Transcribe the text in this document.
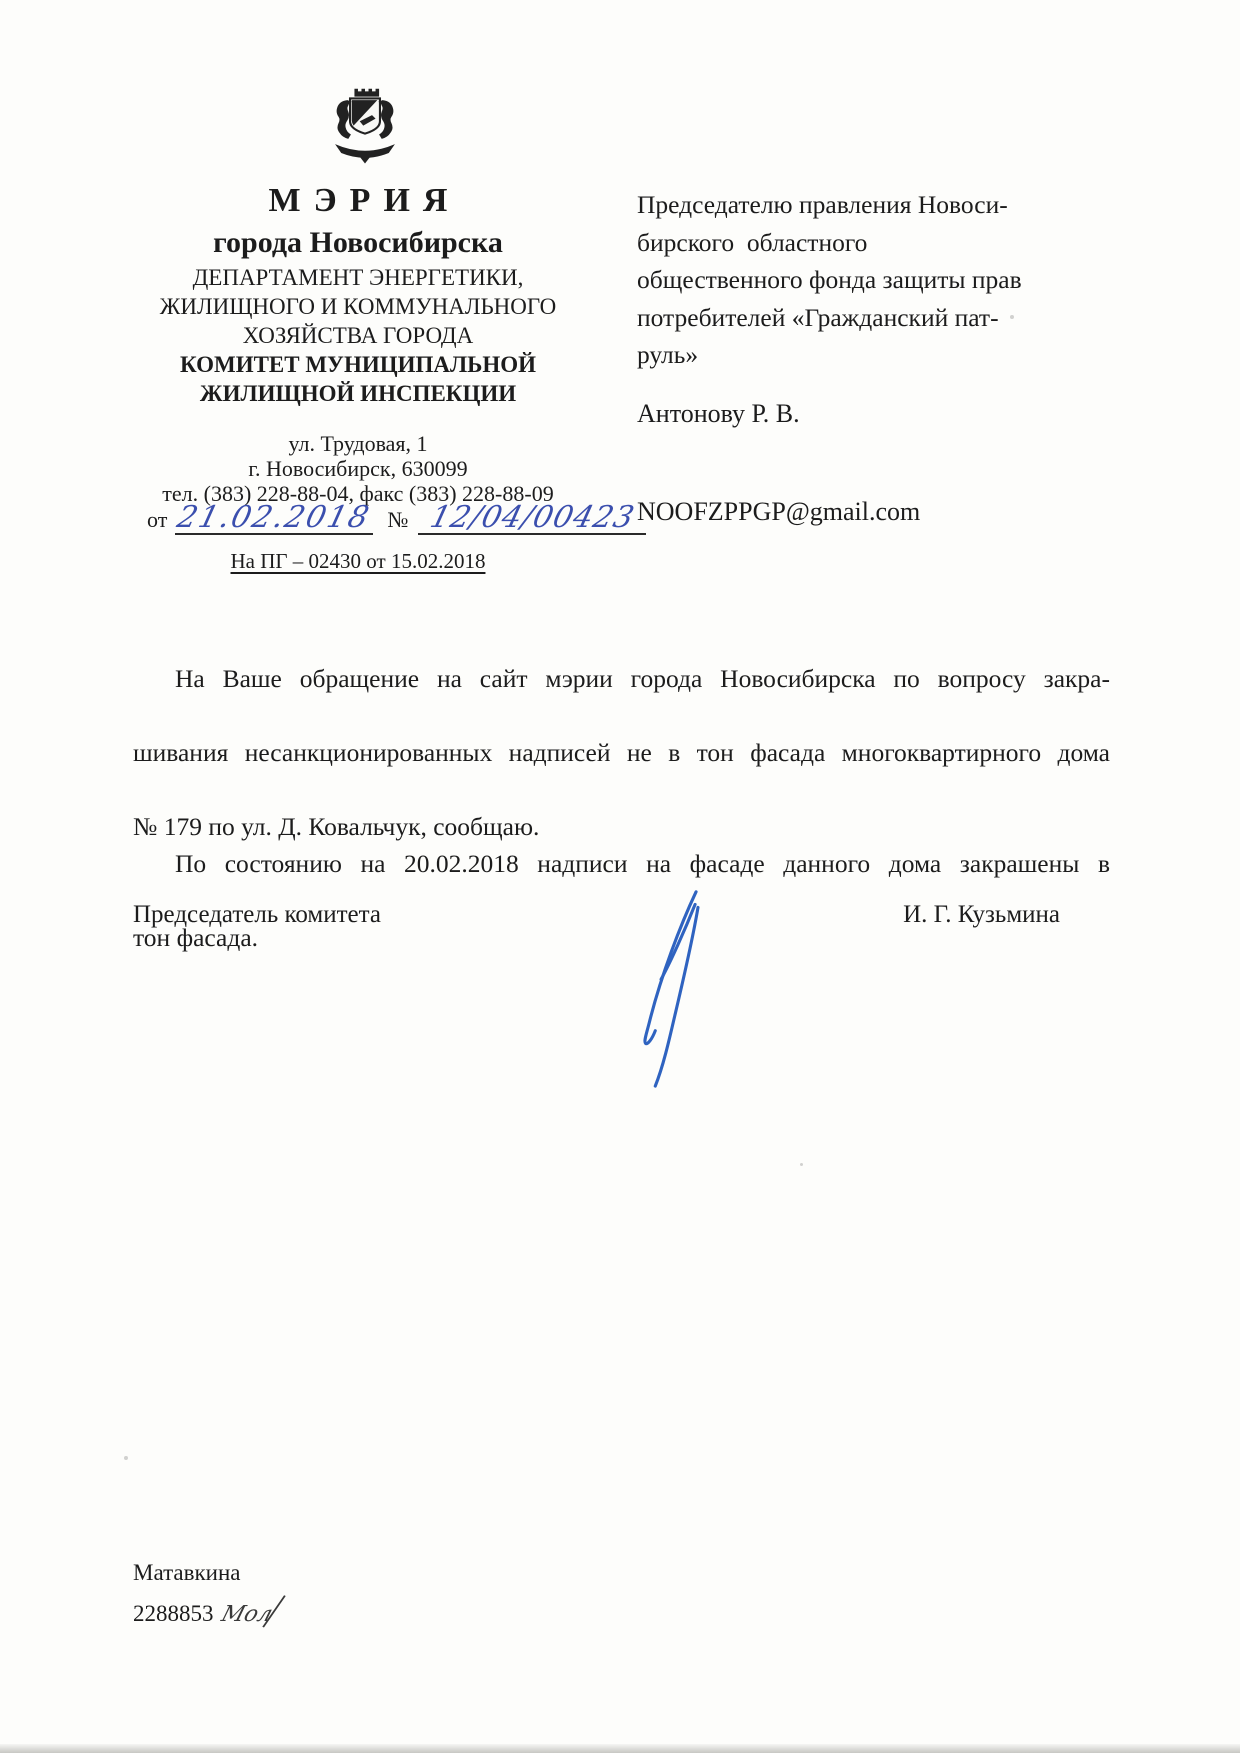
МЭРИЯ
города Новосибирска
ДЕПАРТАМЕНТ ЭНЕРГЕТИКИ,
ЖИЛИЩНОГО И КОММУНАЛЬНОГО
ХОЗЯЙСТВА ГОРОДА
КОМИТЕТ МУНИЦИПАЛЬНОЙ
ЖИЛИЩНОЙ ИНСПЕКЦИИ
ул. Трудовая, 1
г. Новосибирск, 630099
тел. (383) 228-88-04, факс (383) 228-88-09
от 21.02.2018 № 12/04/00423
На ПГ – 02430 от 15.02.2018
Председателю правления Новоси-
бирского  областного
общественного фонда защиты прав
потребителей «Гражданский пат-
руль»
Антонову Р. В.
NOOFZPPGP@gmail.com
На Ваше обращение на сайт мэрии города Новосибирска по вопросу закра-
шивания несанкционированных надписей не в тон фасада многоквартирного дома
№ 179 по ул. Д. Ковальчук, сообщаю.
По состоянию на 20.02.2018 надписи на фасаде данного дома закрашены в
тон фасада.
Председатель комитета	И. Г. Кузьмина
Матавкина
2288853 Мол
